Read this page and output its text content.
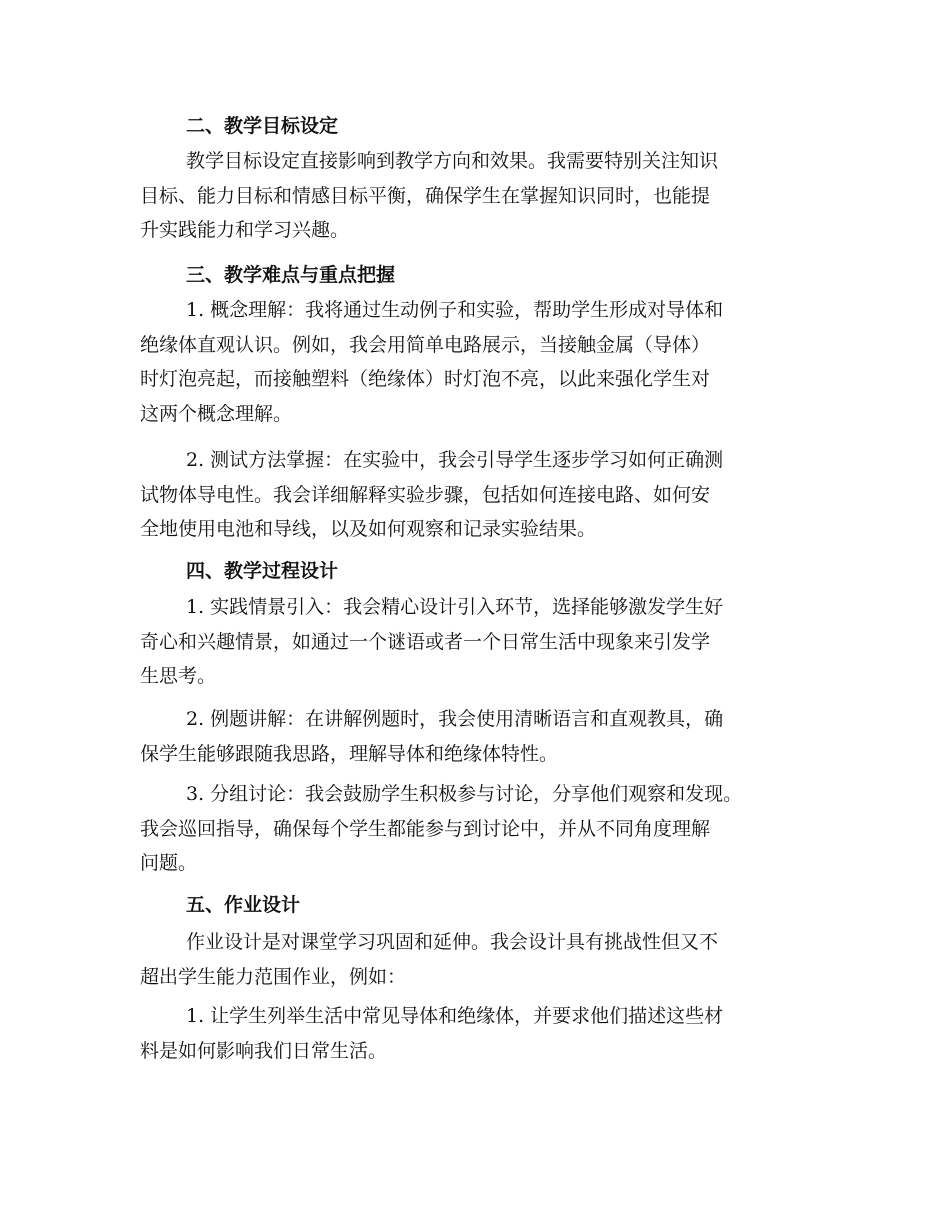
二、教学目标设定

教学目标设定直接影响到教学方向和效果。我需要特别关注知识
目标、能力目标和情感目标平衡，确保学生在掌握知识同时，也能提
升实践能力和学习兴趣。

三、教学难点与重点把握

1. 概念理解：我将通过生动例子和实验，帮助学生形成对导体和
绝缘体直观认识。例如，我会用简单电路展示，当接触金属（导体）
时灯泡亮起，而接触塑料（绝缘体）时灯泡不亮，以此来强化学生对
这两个概念理解。

2. 测试方法掌握：在实验中，我会引导学生逐步学习如何正确测
试物体导电性。我会详细解释实验步骤，包括如何连接电路、如何安
全地使用电池和导线，以及如何观察和记录实验结果。

四、教学过程设计

1. 实践情景引入：我会精心设计引入环节，选择能够激发学生好
奇心和兴趣情景，如通过一个谜语或者一个日常生活中现象来引发学
生思考。

2. 例题讲解：在讲解例题时，我会使用清晰语言和直观教具，确
保学生能够跟随我思路，理解导体和绝缘体特性。

3. 分组讨论：我会鼓励学生积极参与讨论，分享他们观察和发现。
我会巡回指导，确保每个学生都能参与到讨论中，并从不同角度理解
问题。

五、作业设计

作业设计是对课堂学习巩固和延伸。我会设计具有挑战性但又不
超出学生能力范围作业，例如：

1. 让学生列举生活中常见导体和绝缘体，并要求他们描述这些材
料是如何影响我们日常生活。
